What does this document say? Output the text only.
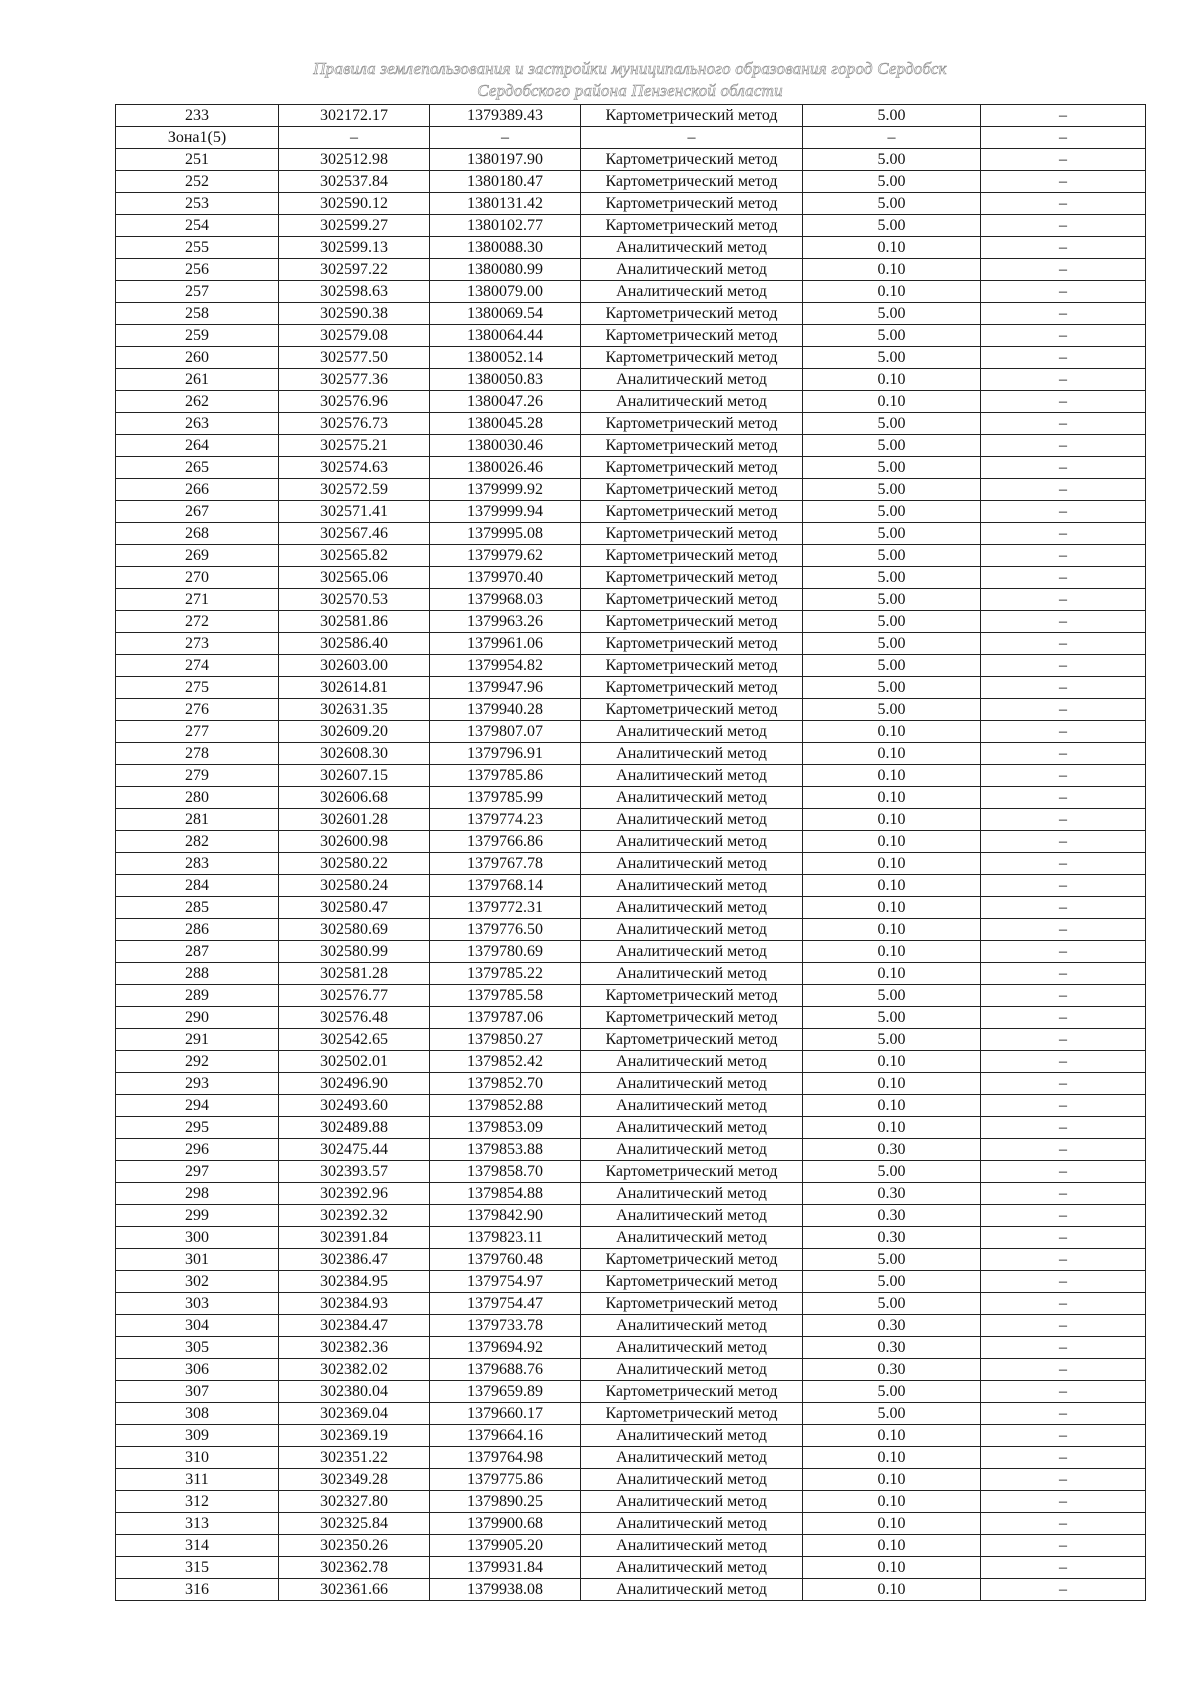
Правила землепользования и застройки муниципального образования город Сердобск
Сердобского района Пензенской области
233	302172.17	1379389.43	Картометрический метод	5.00	–
Зона1(5)	–	–	–	–	–
251	302512.98	1380197.90	Картометрический метод	5.00	–
252	302537.84	1380180.47	Картометрический метод	5.00	–
253	302590.12	1380131.42	Картометрический метод	5.00	–
254	302599.27	1380102.77	Картометрический метод	5.00	–
255	302599.13	1380088.30	Аналитический метод	0.10	–
256	302597.22	1380080.99	Аналитический метод	0.10	–
257	302598.63	1380079.00	Аналитический метод	0.10	–
258	302590.38	1380069.54	Картометрический метод	5.00	–
259	302579.08	1380064.44	Картометрический метод	5.00	–
260	302577.50	1380052.14	Картометрический метод	5.00	–
261	302577.36	1380050.83	Аналитический метод	0.10	–
262	302576.96	1380047.26	Аналитический метод	0.10	–
263	302576.73	1380045.28	Картометрический метод	5.00	–
264	302575.21	1380030.46	Картометрический метод	5.00	–
265	302574.63	1380026.46	Картометрический метод	5.00	–
266	302572.59	1379999.92	Картометрический метод	5.00	–
267	302571.41	1379999.94	Картометрический метод	5.00	–
268	302567.46	1379995.08	Картометрический метод	5.00	–
269	302565.82	1379979.62	Картометрический метод	5.00	–
270	302565.06	1379970.40	Картометрический метод	5.00	–
271	302570.53	1379968.03	Картометрический метод	5.00	–
272	302581.86	1379963.26	Картометрический метод	5.00	–
273	302586.40	1379961.06	Картометрический метод	5.00	–
274	302603.00	1379954.82	Картометрический метод	5.00	–
275	302614.81	1379947.96	Картометрический метод	5.00	–
276	302631.35	1379940.28	Картометрический метод	5.00	–
277	302609.20	1379807.07	Аналитический метод	0.10	–
278	302608.30	1379796.91	Аналитический метод	0.10	–
279	302607.15	1379785.86	Аналитический метод	0.10	–
280	302606.68	1379785.99	Аналитический метод	0.10	–
281	302601.28	1379774.23	Аналитический метод	0.10	–
282	302600.98	1379766.86	Аналитический метод	0.10	–
283	302580.22	1379767.78	Аналитический метод	0.10	–
284	302580.24	1379768.14	Аналитический метод	0.10	–
285	302580.47	1379772.31	Аналитический метод	0.10	–
286	302580.69	1379776.50	Аналитический метод	0.10	–
287	302580.99	1379780.69	Аналитический метод	0.10	–
288	302581.28	1379785.22	Аналитический метод	0.10	–
289	302576.77	1379785.58	Картометрический метод	5.00	–
290	302576.48	1379787.06	Картометрический метод	5.00	–
291	302542.65	1379850.27	Картометрический метод	5.00	–
292	302502.01	1379852.42	Аналитический метод	0.10	–
293	302496.90	1379852.70	Аналитический метод	0.10	–
294	302493.60	1379852.88	Аналитический метод	0.10	–
295	302489.88	1379853.09	Аналитический метод	0.10	–
296	302475.44	1379853.88	Аналитический метод	0.30	–
297	302393.57	1379858.70	Картометрический метод	5.00	–
298	302392.96	1379854.88	Аналитический метод	0.30	–
299	302392.32	1379842.90	Аналитический метод	0.30	–
300	302391.84	1379823.11	Аналитический метод	0.30	–
301	302386.47	1379760.48	Картометрический метод	5.00	–
302	302384.95	1379754.97	Картометрический метод	5.00	–
303	302384.93	1379754.47	Картометрический метод	5.00	–
304	302384.47	1379733.78	Аналитический метод	0.30	–
305	302382.36	1379694.92	Аналитический метод	0.30	–
306	302382.02	1379688.76	Аналитический метод	0.30	–
307	302380.04	1379659.89	Картометрический метод	5.00	–
308	302369.04	1379660.17	Картометрический метод	5.00	–
309	302369.19	1379664.16	Аналитический метод	0.10	–
310	302351.22	1379764.98	Аналитический метод	0.10	–
311	302349.28	1379775.86	Аналитический метод	0.10	–
312	302327.80	1379890.25	Аналитический метод	0.10	–
313	302325.84	1379900.68	Аналитический метод	0.10	–
314	302350.26	1379905.20	Аналитический метод	0.10	–
315	302362.78	1379931.84	Аналитический метод	0.10	–
316	302361.66	1379938.08	Аналитический метод	0.10	–
